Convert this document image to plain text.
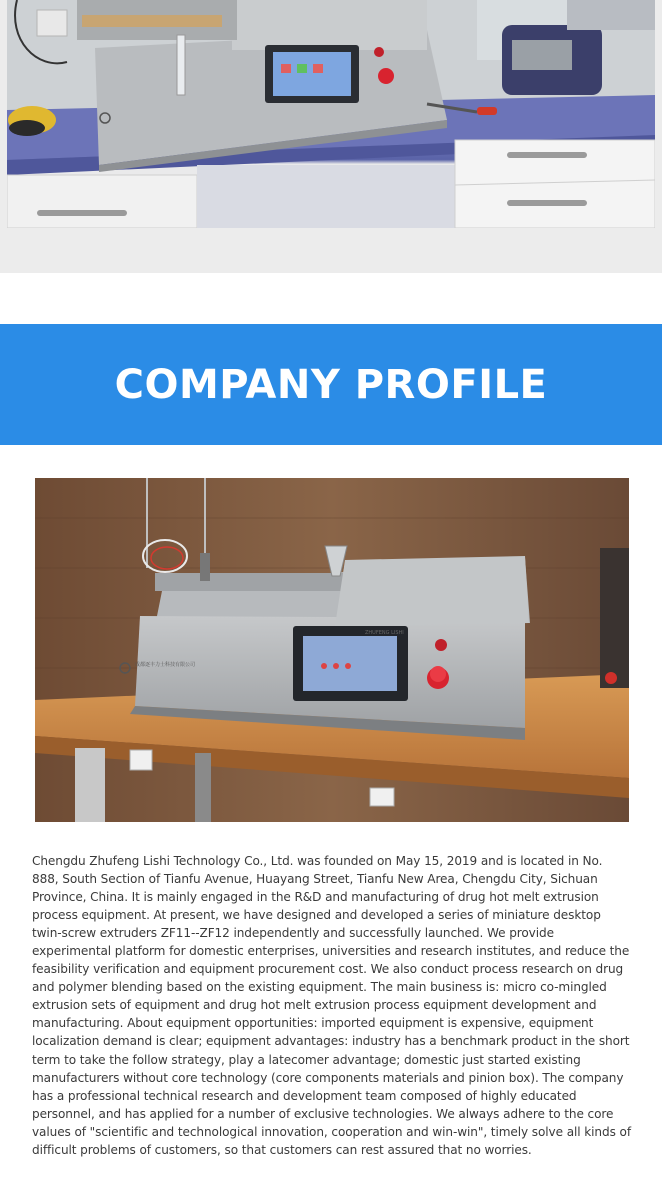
COMPANY PROFILE
ZHUFENG LISHI
成都逐丰力士科技有限公司

Chengdu Zhufeng Lishi Technology Co., Ltd. was founded on May 15, 2019 and is located in No. 888, South Section of Tianfu Avenue, Huayang Street, Tianfu New Area, Chengdu City, Sichuan Province, China. It is mainly engaged in the R&D and manufacturing of drug hot melt extrusion process equipment. At present, we have designed and developed a series of miniature desktop twin-screw extruders ZF11--ZF12 independently and successfully launched. We provide experimental platform for domestic enterprises, universities and research institutes, and reduce the feasibility verification and equipment procurement cost. We also conduct process research on drug and polymer blending based on the existing equipment. The main business is: micro co-mingled extrusion sets of equipment and drug hot melt extrusion process equipment development and manufacturing. About equipment opportunities: imported equipment is expensive, equipment localization demand is clear; equipment advantages: industry has a benchmark product in the short term to take the follow strategy, play a latecomer advantage; domestic just started existing manufacturers without core technology (core components materials and pinion box). The company has a professional technical research and development team composed of highly educated personnel, and has applied for a number of exclusive technologies. We always adhere to the core values of "scientific and technological innovation, cooperation and win-win", timely solve all kinds of difficult problems of customers, so that customers can rest assured that no worries.
